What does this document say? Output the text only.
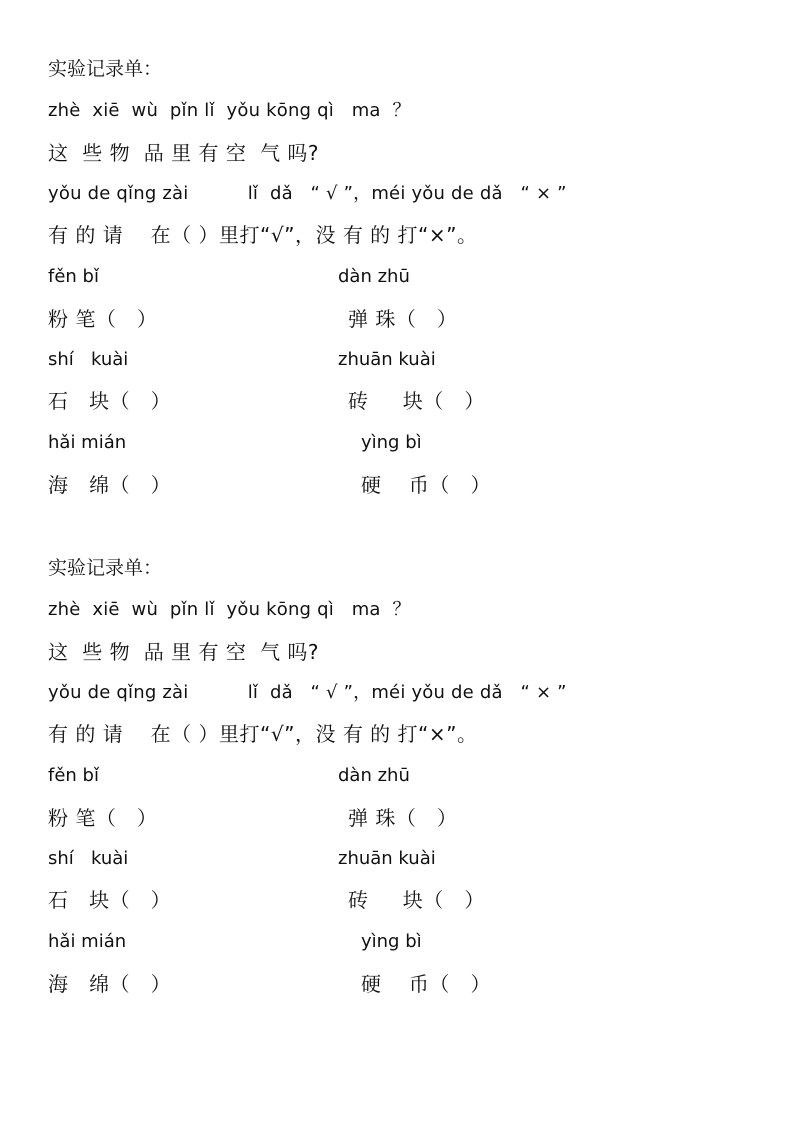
实验记录单：
zhè  xiē  wù  pǐn lǐ  yǒu kōng qì   ma  ？
这  些 物  品 里 有 空  气 吗?
yǒu de qǐng zài          lǐ  dǎ   “ √ ”，méi yǒu de dǎ   “ × ”
有 的 请    在（ ）里打“√”，没 有 的 打“×”。
fěn bǐ
粉 笔（   ）
dàn zhū
弹 珠（   ）
shí   kuài
石   块（   ）
zhuān kuài
砖     块（   ）
hǎi mián
海   绵（   ）
yìng bì
硬    币（   ）
实验记录单：
zhè  xiē  wù  pǐn lǐ  yǒu kōng qì   ma  ？
这  些 物  品 里 有 空  气 吗?
yǒu de qǐng zài          lǐ  dǎ   “ √ ”，méi yǒu de dǎ   “ × ”
有 的 请    在（ ）里打“√”，没 有 的 打“×”。
fěn bǐ
粉 笔（   ）
dàn zhū
弹 珠（   ）
shí   kuài
石   块（   ）
zhuān kuài
砖     块（   ）
hǎi mián
海   绵（   ）
yìng bì
硬    币（   ）
